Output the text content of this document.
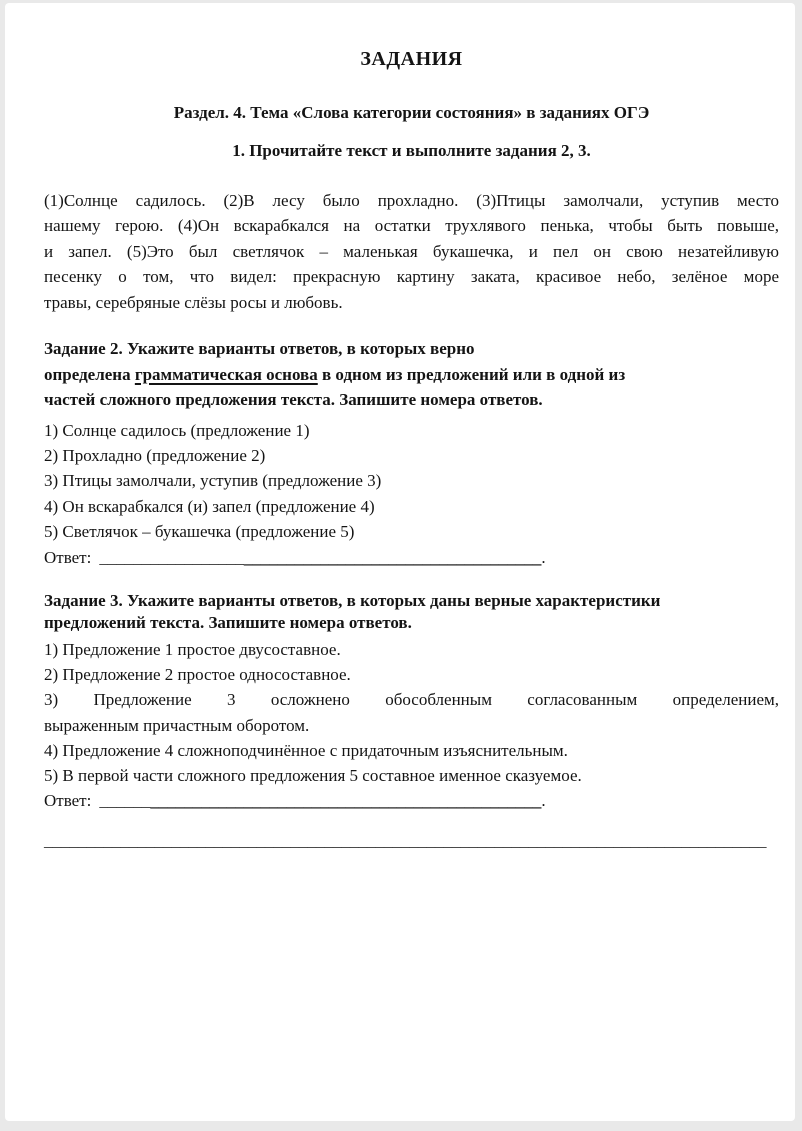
ЗАДАНИЯ
Раздел. 4. Тема «Слова категории состояния» в заданиях ОГЭ
1. Прочитайте текст и выполните задания 2, 3.

(1)Солнце садилось. (2)В лесу было прохладно. (3)Птицы замолчали, уступив место
нашему герою. (4)Он вскарабкался на остатки трухлявого пенька, чтобы быть повыше,
и запел. (5)Это был светлячок – маленькая букашечка, и пел он свою незатейливую
песенку о том, что видел: прекрасную картину заката, красивое небо, зелёное море
травы, серебряные слёзы росы и любовь.

Задание 2. Укажите варианты ответов, в которых верно
определена грамматическая основа в одном из предложений или в одной из
частей сложного предложения текста. Запишите номера ответов.
1) Солнце садилось (предложение 1)
2) Прохладно (предложение 2)
3) Птицы замолчали, уступив (предложение 3)
4) Он вскарабкался (и) запел (предложение 4)
5) Светлячок – букашечка (предложение 5)
Ответ: ____________________________________________________.
Задание 3. Укажите варианты ответов, в которых даны верные характеристики
предложений текста. Запишите номера ответов.
1) Предложение 1 простое двусоставное.
2) Предложение 2 простое односоставное.
3) Предложение 3 осложнено обособленным согласованным определением,
выраженным причастным оборотом.
4) Предложение 4 сложноподчинённое с придаточным изъяснительным.
5) В первой части сложного предложения 5 составное именное сказуемое.
Ответ: ____________________________________________________.
_____________________________________________________________________________________
